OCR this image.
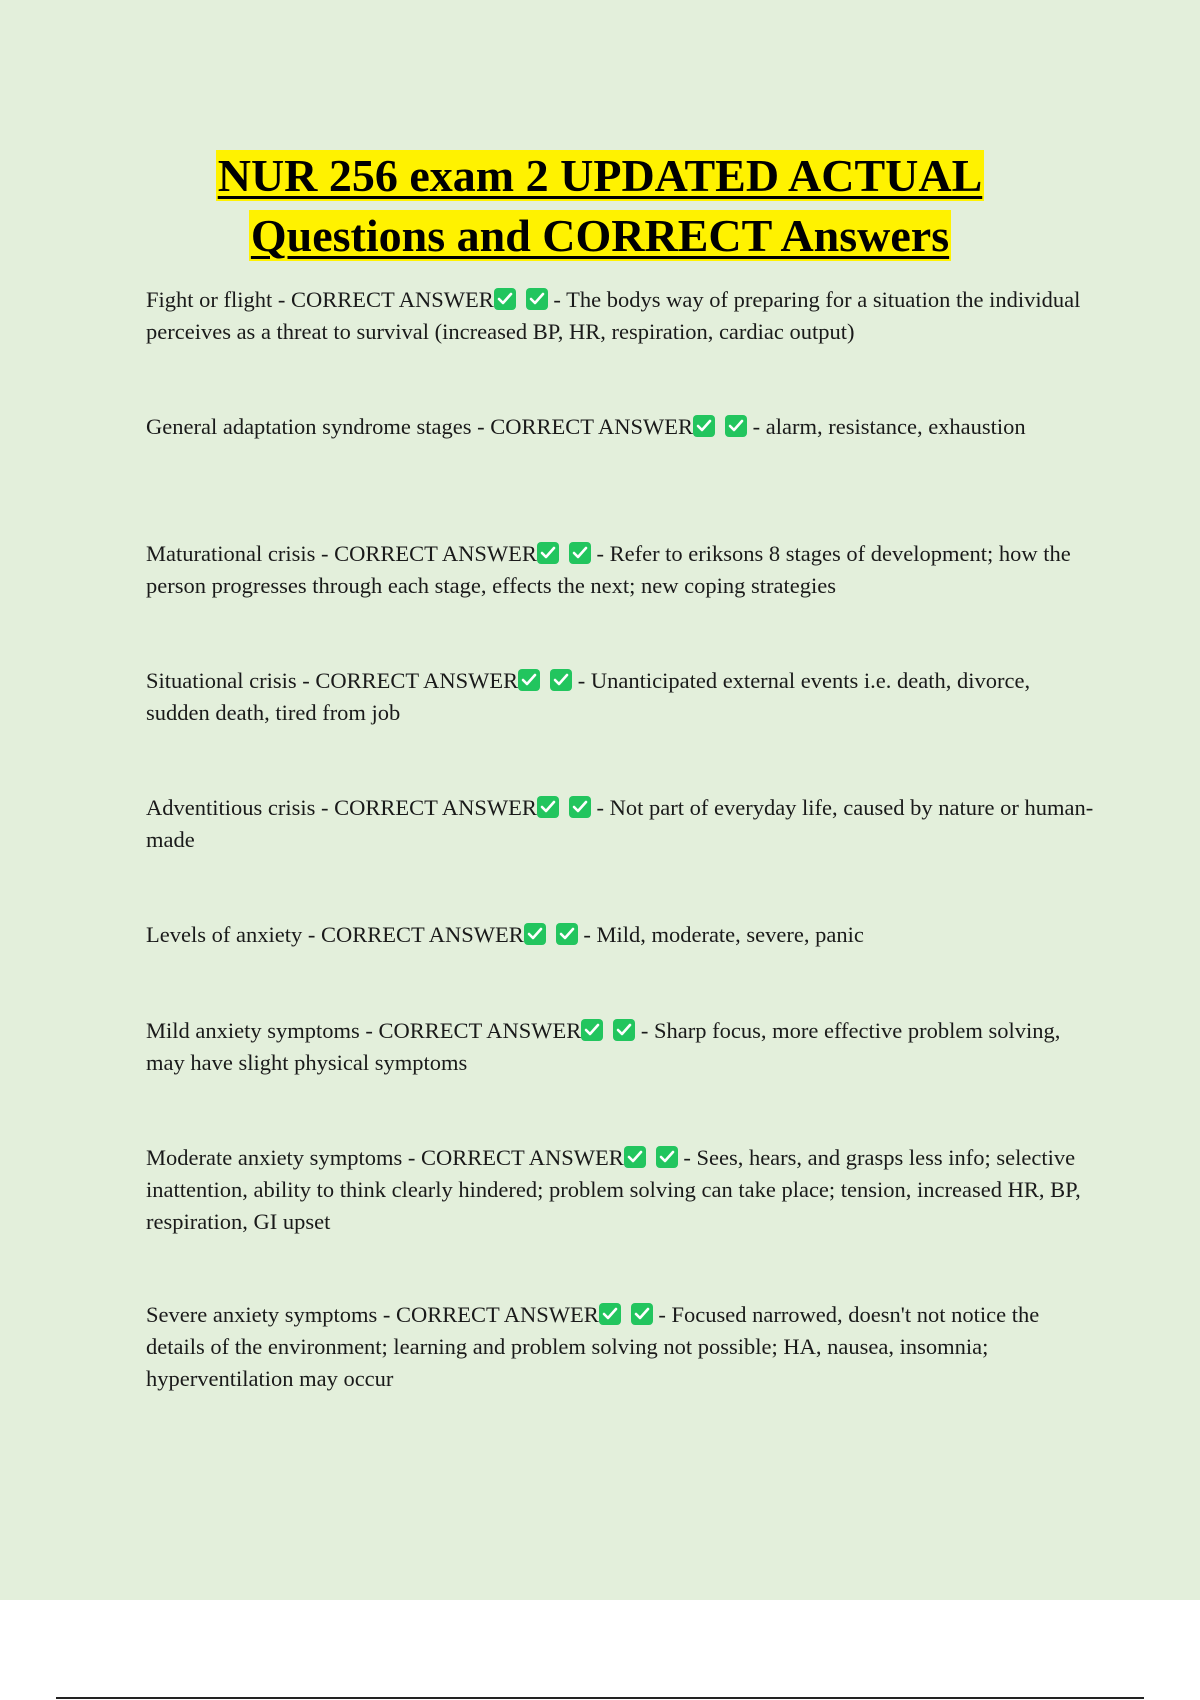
NUR 256 exam 2 UPDATED ACTUAL
Questions and CORRECT Answers
Fight or flight - CORRECT ANSWER
- The bodys way of preparing for a situation the individual perceives as a threat to survival (increased BP, HR, respiration, cardiac output)
General adaptation syndrome stages - CORRECT ANSWER
- alarm, resistance, exhaustion
Maturational crisis - CORRECT ANSWER
- Refer to eriksons 8 stages of development; how the person progresses through each stage, effects the next; new coping strategies
Situational crisis - CORRECT ANSWER
- Unanticipated external events i.e. death, divorce, sudden death, tired from job
Adventitious crisis - CORRECT ANSWER
- Not part of everyday life, caused by nature or human-made
Levels of anxiety - CORRECT ANSWER
- Mild, moderate, severe, panic
Mild anxiety symptoms - CORRECT ANSWER
- Sharp focus, more effective problem solving, may have slight physical symptoms
Moderate anxiety symptoms - CORRECT ANSWER
- Sees, hears, and grasps less info; selective inattention, ability to think clearly hindered; problem solving can take place; tension, increased HR, BP, respiration, GI upset
Severe anxiety symptoms - CORRECT ANSWER
- Focused narrowed, doesn't not notice the details of the environment; learning and problem solving not possible; HA, nausea, insomnia; hyperventilation may occur
